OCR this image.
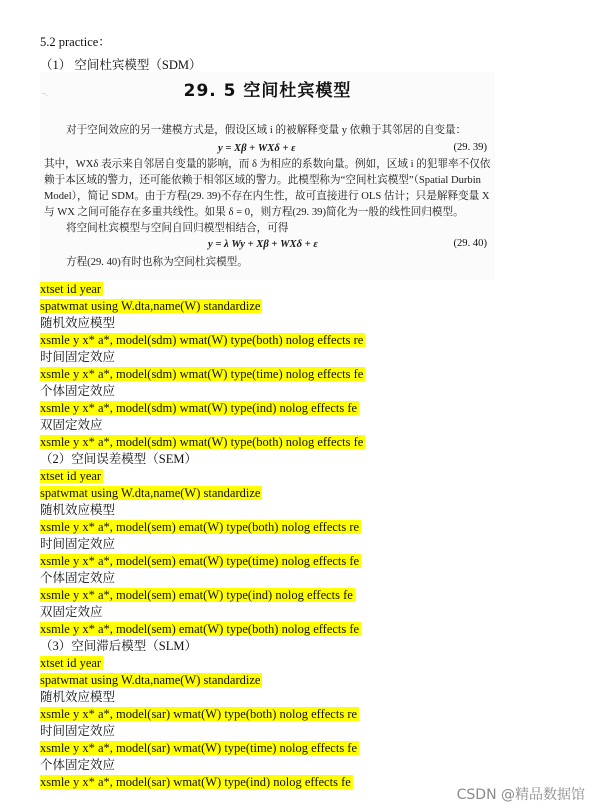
5.2 practice：
（1） 空间杜宾模型（SDM）
-.	29. 5 空间杜宾模型
对于空间效应的另一建模方式是，假设区域 i 的被解释变量 y 依赖于其邻居的自变量：
y = Xβ + WXδ + ε	(29. 39)
其中，WXδ 表示来自邻居自变量的影响，而 δ 为相应的系数向量。例如，区域 i 的犯罪率不仅依
赖于本区域的警力，还可能依赖于相邻区域的警力。此模型称为“空间杜宾模型”（Spatial Durbin
Model），简记 SDM。由于方程(29. 39)不存在内生性，故可直接进行 OLS 估计；只是解释变量 X
与 WX 之间可能存在多重共线性。如果 δ = 0，则方程(29. 39)简化为一般的线性回归模型。
将空间杜宾模型与空间自回归模型相结合，可得
y = λ Wy + Xβ + WXδ + ε	(29. 40)
方程(29. 40)有时也称为空间杜宾模型。
xtset id year
spatwmat using W.dta,name(W) standardize
随机效应模型
xsmle y x* a*, model(sdm) wmat(W) type(both) nolog effects re
时间固定效应
xsmle y x* a*, model(sdm) wmat(W) type(time) nolog effects fe
个体固定效应
xsmle y x* a*, model(sdm) wmat(W) type(ind) nolog effects fe
双固定效应
xsmle y x* a*, model(sdm) wmat(W) type(both) nolog effects fe
（2）空间误差模型（SEM）
xtset id year
spatwmat using W.dta,name(W) standardize
随机效应模型
xsmle y x* a*, model(sem) emat(W) type(both) nolog effects re
时间固定效应
xsmle y x* a*, model(sem) emat(W) type(time) nolog effects fe
个体固定效应
xsmle y x* a*, model(sem) emat(W) type(ind) nolog effects fe
双固定效应
xsmle y x* a*, model(sem) emat(W) type(both) nolog effects fe
（3）空间滞后模型（SLM）
xtset id year
spatwmat using W.dta,name(W) standardize
随机效应模型
xsmle y x* a*, model(sar) wmat(W) type(both) nolog effects re
时间固定效应
xsmle y x* a*, model(sar) wmat(W) type(time) nolog effects fe
个体固定效应
xsmle y x* a*, model(sar) wmat(W) type(ind) nolog effects fe
CSDN @精品数据馆
